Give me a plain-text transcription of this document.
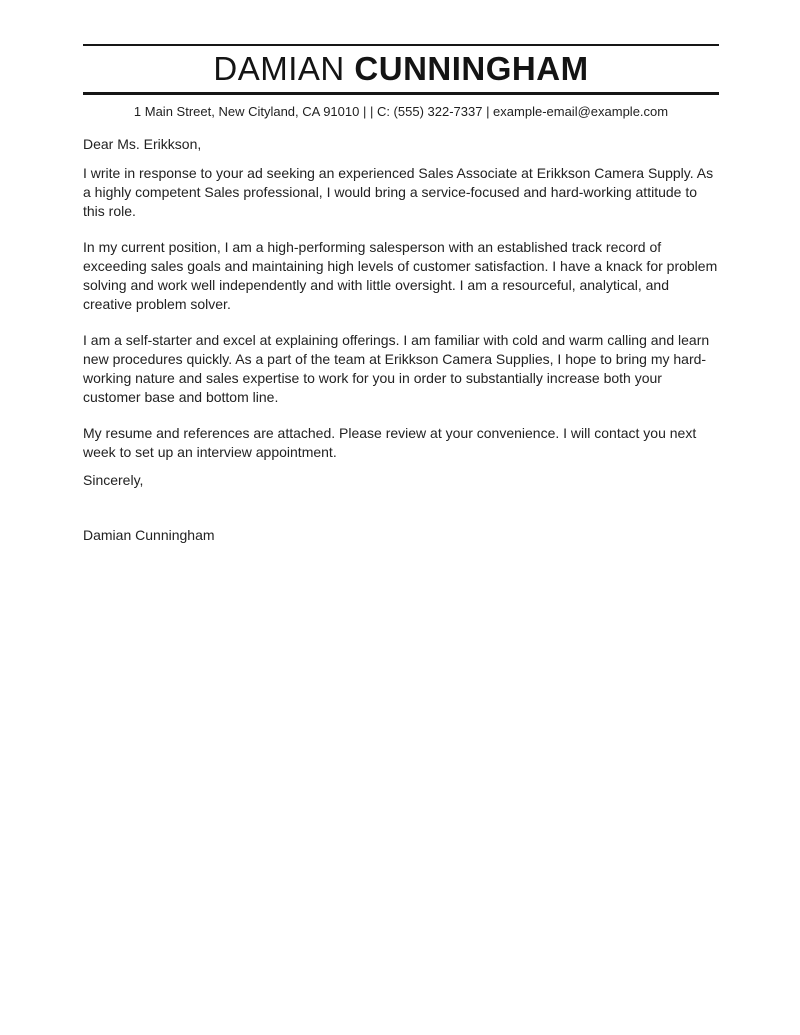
DAMIAN CUNNINGHAM
1 Main Street, New Cityland, CA 91010 | | C: (555) 322-7337 | example-email@example.com

Dear Ms. Erikkson,

I write in response to your ad seeking an experienced Sales Associate at Erikkson Camera Supply. As a highly competent Sales professional, I would bring a service-focused and hard-working attitude to this role.

In my current position, I am a high-performing salesperson with an established track record of exceeding sales goals and maintaining high levels of customer satisfaction. I have a knack for problem solving and work well independently and with little oversight. I am a resourceful, analytical, and creative problem solver.

I am a self-starter and excel at explaining offerings. I am familiar with cold and warm calling and learn new procedures quickly. As a part of the team at Erikkson Camera Supplies, I hope to bring my hard-working nature and sales expertise to work for you in order to substantially increase both your customer base and bottom line.

My resume and references are attached. Please review at your convenience. I will contact you next week to set up an interview appointment.

Sincerely,

Damian Cunningham
